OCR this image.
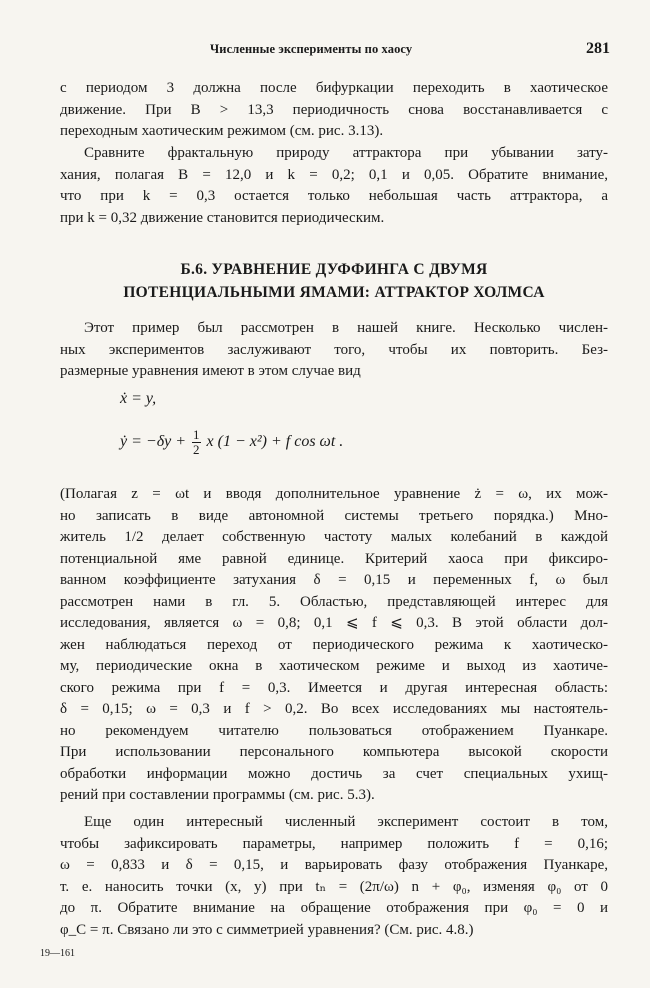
Численные эксперименты по хаосу	281
с периодом 3 должна после бифуркации переходить в хаотическое
движение. При B > 13,3 периодичность снова восстанавливается с
переходным хаотическим режимом (см. рис. 3.13).
Сравните фрактальную природу аттрактора при убывании зату-
хания, полагая B = 12,0 и k = 0,2; 0,1 и 0,05. Обратите внимание,
что при k = 0,3 остается только небольшая часть аттрактора, а
при k = 0,32 движение становится периодическим.
Б.6. УРАВНЕНИЕ ДУФФИНГА С ДВУМЯ
ПОТЕНЦИАЛЬНЫМИ ЯМАМИ: АТТРАКТОР ХОЛМСА
Этот пример был рассмотрен в нашей книге. Несколько числен-
ных экспериментов заслуживают того, чтобы их повторить. Без-
размерные уравнения имеют в этом случае вид
ẋ = y,
ẏ = $-\delta y + \frac{1}{2}$ x (1 − x²) + f cos ωt .
(Полагая z = ωt и вводя дополнительное уравнение ż = ω, их мож-
но записать в виде автономной системы третьего порядка.) Мно-
житель 1/2 делает собственную частоту малых колебаний в каждой
потенциальной яме равной единице. Критерий хаоса при фиксиро-
ванном коэффициенте затухания δ = 0,15 и переменных f, ω был
рассмотрен нами в гл. 5. Областью, представляющей интерес для
исследования, является ω = 0,8; 0,1 ⩽ f ⩽ 0,3. В этой области дол-
жен наблюдаться переход от периодического режима к хаотическо-
му, периодические окна в хаотическом режиме и выход из хаотиче-
ского режима при f = 0,3. Имеется и другая интересная область:
δ = 0,15; ω = 0,3 и f > 0,2. Во всех исследованиях мы настоятель-
но рекомендуем читателю пользоваться отображением Пуанкаре.
При использовании персонального компьютера высокой скорости
обработки информации можно достичь за счет специальных ухищ-
рений при составлении программы (см. рис. 5.3).
Еще один интересный численный эксперимент состоит в том,
чтобы зафиксировать параметры, например положить f = 0,16;
ω = 0,833 и δ = 0,15, и варьировать фазу отображения Пуанкаре,
т. е. наносить точки (x, y) при tₙ = (2π/ω) n + φ₀, изменяя φ₀ от 0
до π. Обратите внимание на обращение отображения при φ₀ = 0 и
φ_C = π. Связано ли это с симметрией уравнения? (См. рис. 4.8.)
19—161
